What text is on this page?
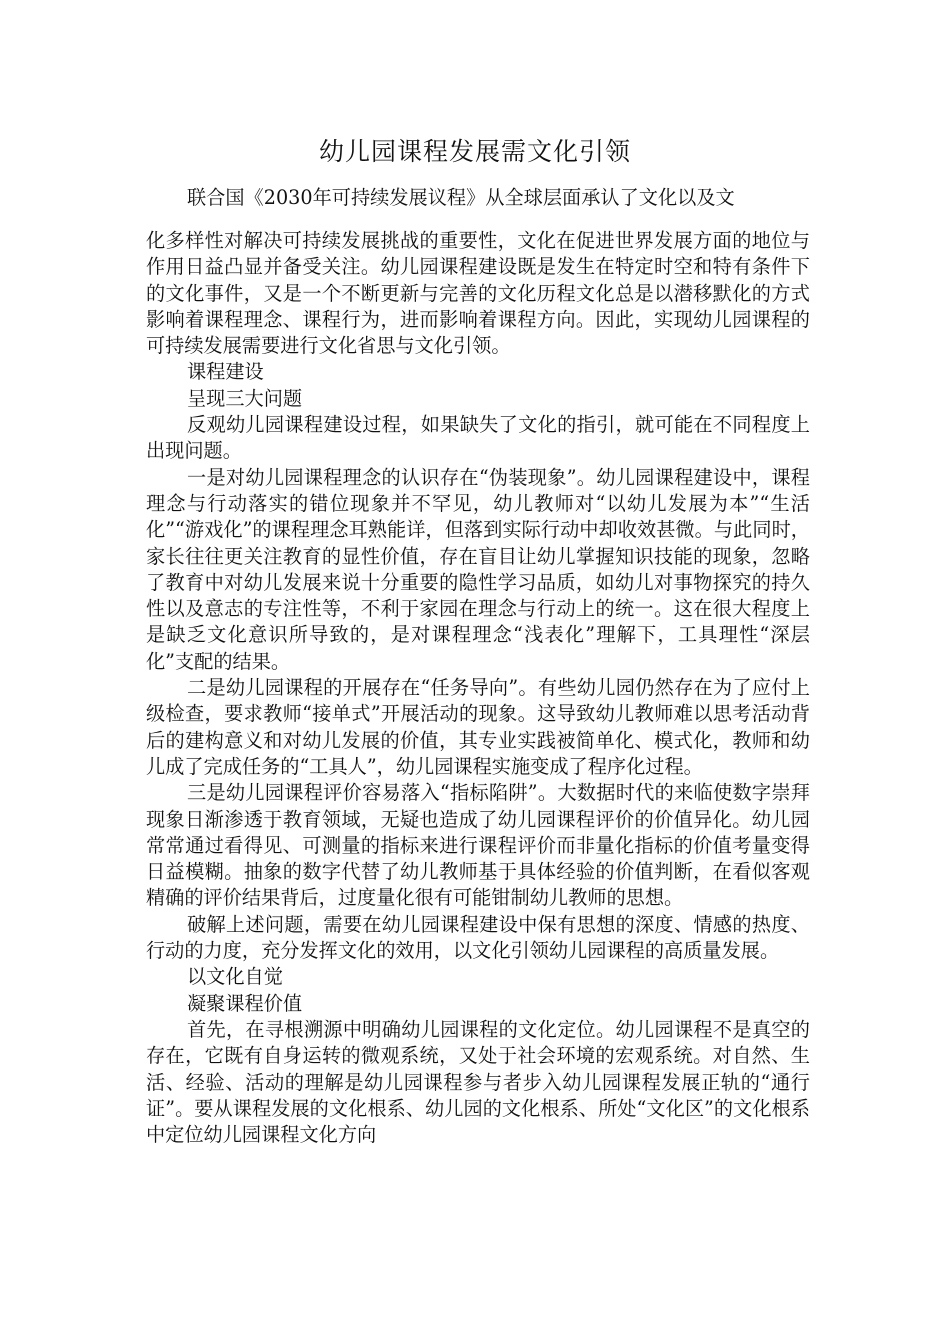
幼儿园课程发展需文化引领

联合国《2030年可持续发展议程》从全球层面承认了文化以及文

化多样性对解决可持续发展挑战的重要性，文化在促进世界发展方面的地位与作用日益凸显并备受关注。幼儿园课程建设既是发生在特定时空和特有条件下的文化事件，又是一个不断更新与完善的文化历程文化总是以潜移默化的方式影响着课程理念、课程行为，进而影响着课程方向。因此，实现幼儿园课程的可持续发展需要进行文化省思与文化引领。

课程建设

呈现三大问题

反观幼儿园课程建设过程，如果缺失了文化的指引，就可能在不同程度上出现问题。

一是对幼儿园课程理念的认识存在“伪装现象”。幼儿园课程建设中，课程理念与行动落实的错位现象并不罕见，幼儿教师对“以幼儿发展为本”“生活化”“游戏化”的课程理念耳熟能详，但落到实际行动中却收效甚微。与此同时，家长往往更关注教育的显性价值，存在盲目让幼儿掌握知识技能的现象，忽略了教育中对幼儿发展来说十分重要的隐性学习品质，如幼儿对事物探究的持久性以及意志的专注性等，不利于家园在理念与行动上的统一。这在很大程度上是缺乏文化意识所导致的，是对课程理念“浅表化”理解下，工具理性“深层化”支配的结果。

二是幼儿园课程的开展存在“任务导向”。有些幼儿园仍然存在为了应付上级检查，要求教师“接单式”开展活动的现象。这导致幼儿教师难以思考活动背后的建构意义和对幼儿发展的价值，其专业实践被简单化、模式化，教师和幼儿成了完成任务的“工具人”，幼儿园课程实施变成了程序化过程。

三是幼儿园课程评价容易落入“指标陷阱”。大数据时代的来临使数字崇拜现象日渐渗透于教育领域，无疑也造成了幼儿园课程评价的价值异化。幼儿园常常通过看得见、可测量的指标来进行课程评价而非量化指标的价值考量变得日益模糊。抽象的数字代替了幼儿教师基于具体经验的价值判断，在看似客观精确的评价结果背后，过度量化很有可能钳制幼儿教师的思想。

破解上述问题，需要在幼儿园课程建设中保有思想的深度、情感的热度、行动的力度，充分发挥文化的效用，以文化引领幼儿园课程的高质量发展。

以文化自觉

凝聚课程价值

首先，在寻根溯源中明确幼儿园课程的文化定位。幼儿园课程不是真空的存在，它既有自身运转的微观系统，又处于社会环境的宏观系统。对自然、生活、经验、活动的理解是幼儿园课程参与者步入幼儿园课程发展正轨的“通行证”。要从课程发展的文化根系、幼儿园的文化根系、所处“文化区”的文化根系中定位幼儿园课程文化方向
